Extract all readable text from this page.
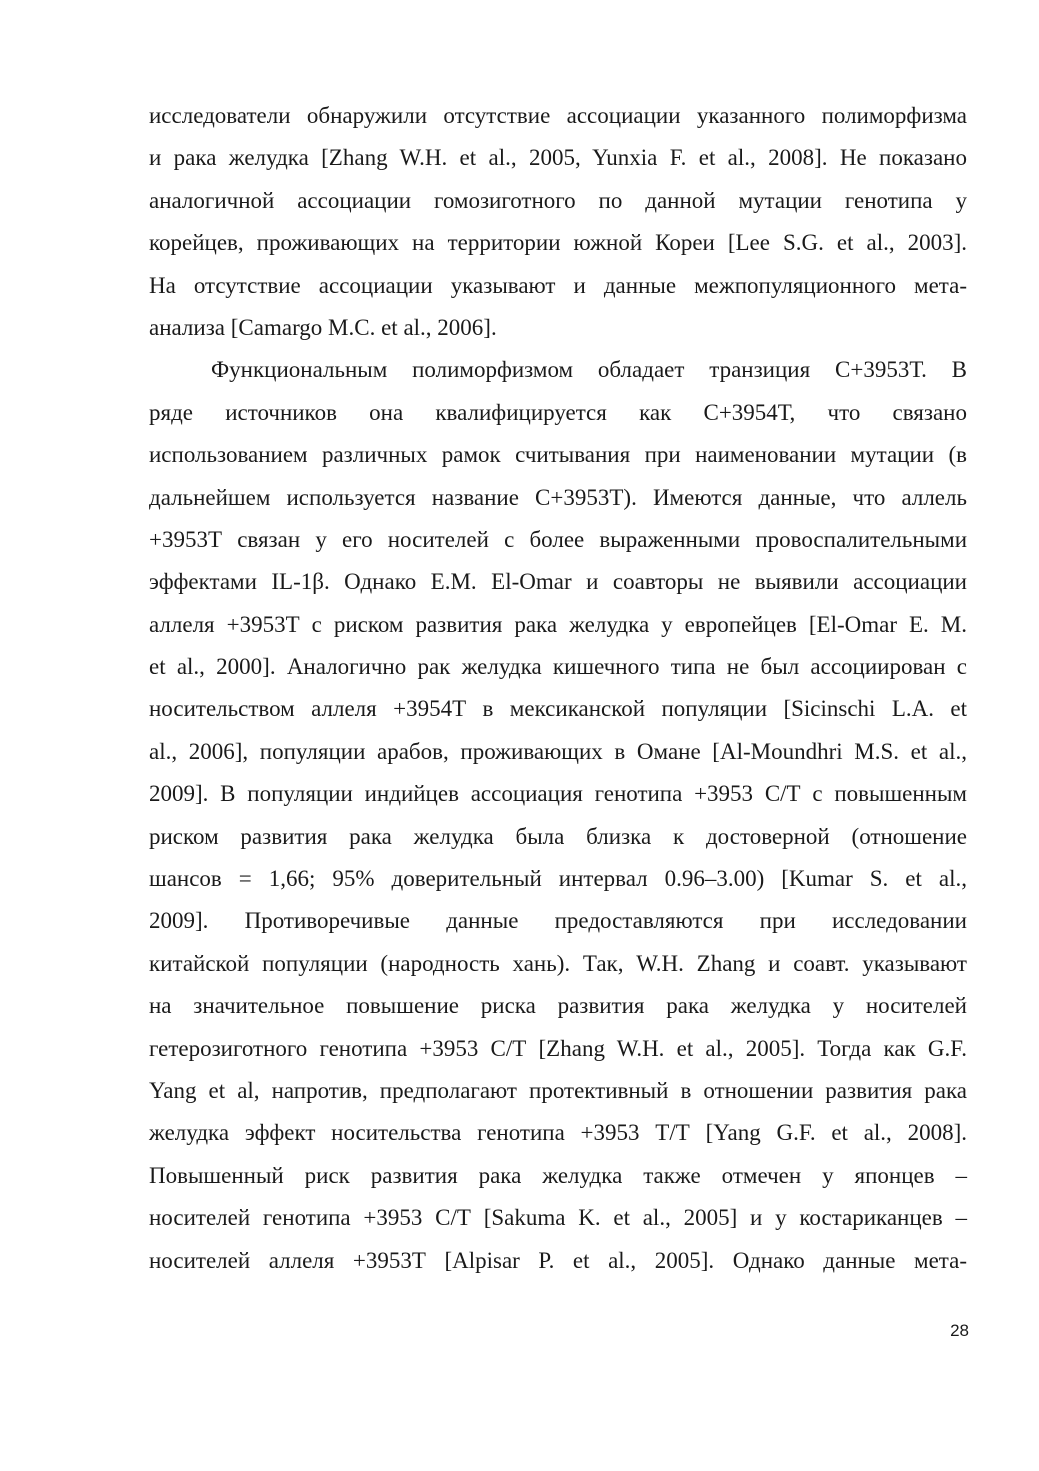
исследователи обнаружили отсутствие ассоциации указанного полиморфизма
и рака желудка [Zhang W.H. et al., 2005, Yunxia F. et al., 2008]. Не показано
аналогичной ассоциации гомозиготного по данной мутации генотипа у
корейцев, проживающих на территории южной Кореи [Lee S.G. et al., 2003].
На отсутствие ассоциации указывают и данные межпопуляционного мета-
анализа [Camargo M.C. et al., 2006].
Функциональным полиморфизмом обладает транзиция С+3953Т. В
ряде источников она квалифицируется как С+3954Т, что связано
использованием различных рамок считывания при наименовании мутации (в
дальнейшем используется название С+3953Т). Имеются данные, что аллель
+3953Т связан у его носителей с более выраженными провоспалительными
эффектами IL-1β. Однако E.M. El-Omar и соавторы не выявили ассоциации
аллеля +3953Т с риском развития рака желудка у европейцев [El-Omar E. M.
et al., 2000]. Аналогично рак желудка кишечного типа не был ассоциирован с
носительством аллеля +3954Т в мексиканской популяции [Sicinschi L.A. et
al., 2006], популяции арабов, проживающих в Омане [Al-Moundhri M.S. et al.,
2009]. В популяции индийцев ассоциация генотипа +3953 С/Т с повышенным
риском развития рака желудка была близка к достоверной (отношение
шансов = 1,66; 95% доверительный интервал 0.96–3.00) [Kumar S. et al.,
2009]. Противоречивые данные предоставляются при исследовании
китайской популяции (народность хань). Так, W.H. Zhang и соавт. указывают
на значительное повышение риска развития рака желудка у носителей
гетерозиготного генотипа +3953 С/Т [Zhang W.H. et al., 2005]. Тогда как G.F.
Yang et al, напротив, предполагают протективный в отношении развития рака
желудка эффект носительства генотипа +3953 Т/Т [Yang G.F. et al., 2008].
Повышенный риск развития рака желудка также отмечен у японцев –
носителей генотипа +3953 С/Т [Sakuma K. et al., 2005] и у костариканцев –
носителей аллеля +3953Т [Alpisar P. et al., 2005]. Однако данные мета-
28
